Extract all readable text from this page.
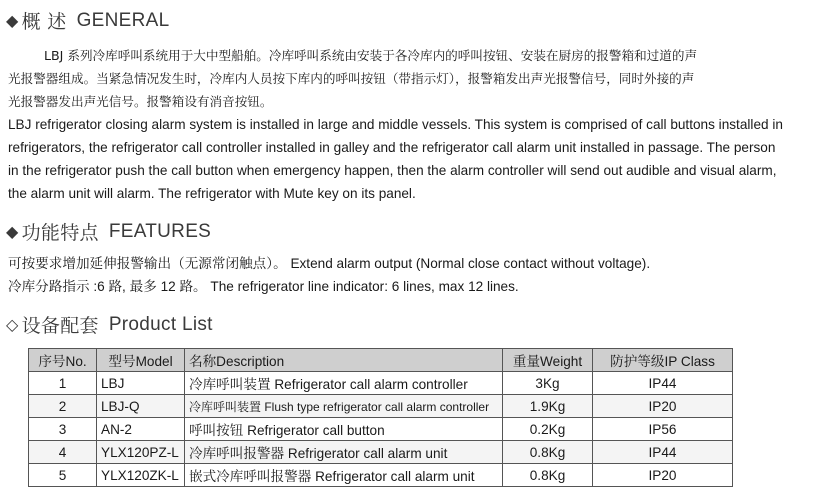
◆ 概 述 GENERAL
LBJ 系列冷库呼叫系统用于大中型船舶。冷库呼叫系统由安装于各冷库内的呼叫按钮、安装在厨房的报警箱和过道的声
光报警器组成。当紧急情况发生时，冷库内人员按下库内的呼叫按钮（带指示灯），报警箱发出声光报警信号，同时外接的声
光报警器发出声光信号。报警箱设有消音按钮。
LBJ refrigerator closing alarm system is installed in large and middle vessels. This system is comprised of call buttons installed in
refrigerators, the refrigerator call controller installed in galley and the refrigerator call alarm unit installed in passage. The person
in the refrigerator push the call button when emergency happen, then the alarm controller will send out audible and visual alarm,
the alarm unit will alarm. The refrigerator with Mute key on its panel.
◆ 功能特点 FEATURES
可按要求增加延伸报警输出（无源常闭触点）。 Extend alarm output (Normal close contact without voltage).
冷库分路指示 :6 路, 最多 12 路。 The refrigerator line indicator: 6 lines, max 12 lines.
◇ 设备配套 Product List
序号No.	型号Model	名称Description	重量Weight	防护等级IP Class
1	LBJ	冷库呼叫装置 Refrigerator call alarm controller	3Kg	IP44
2	LBJ-Q	冷库呼叫装置 Flush type refrigerator call alarm controller	1.9Kg	IP20
3	AN-2	呼叫按钮 Refrigerator call button	0.2Kg	IP56
4	YLX120PZ-L	冷库呼叫报警器 Refrigerator call alarm unit	0.8Kg	IP44
5	YLX120ZK-L	嵌式冷库呼叫报警器 Refrigerator call alarm unit	0.8Kg	IP20
